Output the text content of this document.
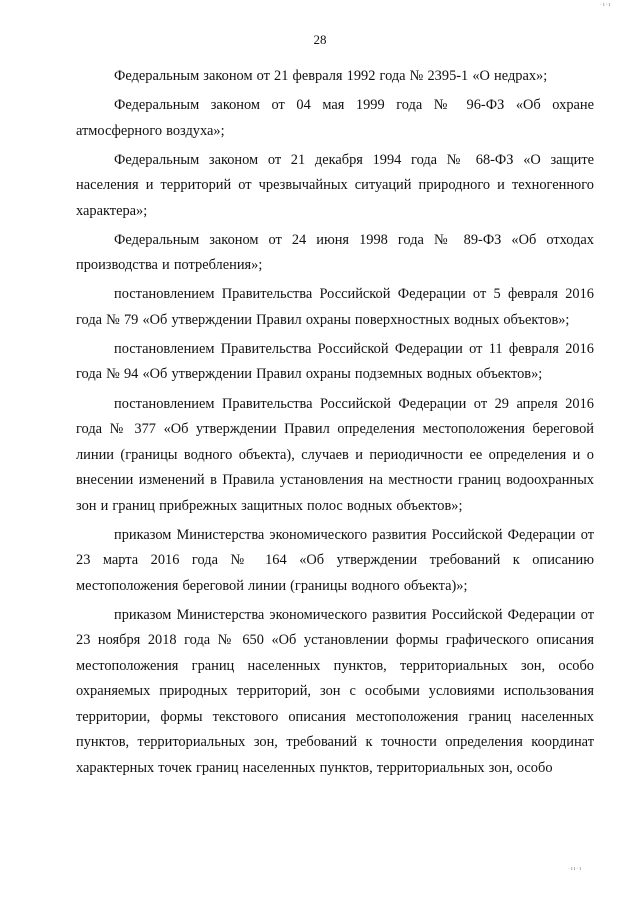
28
·ı·ı
·ıı·ı

Федеральным законом от 21 февраля 1992 года № 2395-1 «О недрах»;

Федеральным законом от 04 мая 1999 года № 96-ФЗ «Об охране атмосферного воздуха»;

Федеральным законом от 21 декабря 1994 года № 68-ФЗ «О защите населения и территорий от чрезвычайных ситуаций природного и техногенного характера»;

Федеральным законом от 24 июня 1998 года № 89-ФЗ «Об отходах производства и потребления»;

постановлением Правительства Российской Федерации от 5 февраля 2016 года № 79 «Об утверждении Правил охраны поверхностных водных объектов»;

постановлением Правительства Российской Федерации от 11 февраля 2016 года № 94 «Об утверждении Правил охраны подземных водных объектов»;

постановлением Правительства Российской Федерации от 29 апреля 2016 года № 377 «Об утверждении Правил определения местоположения береговой линии (границы водного объекта), случаев и периодичности ее определения и о внесении изменений в Правила установления на местности границ водоохранных зон и границ прибрежных защитных полос водных объектов»;

приказом Министерства экономического развития Российской Федерации от 23 марта 2016 года № 164 «Об утверждении требований к описанию местоположения береговой линии (границы водного объекта)»;

приказом Министерства экономического развития Российской Федерации от 23 ноября 2018 года № 650 «Об установлении формы графического описания местоположения границ населенных пунктов, территориальных зон, особо охраняемых природных территорий, зон с особыми условиями использования территории, формы текстового описания местоположения границ населенных пунктов, территориальных зон, требований к точности определения координат характерных точек границ населенных пунктов, территориальных зон, особо
